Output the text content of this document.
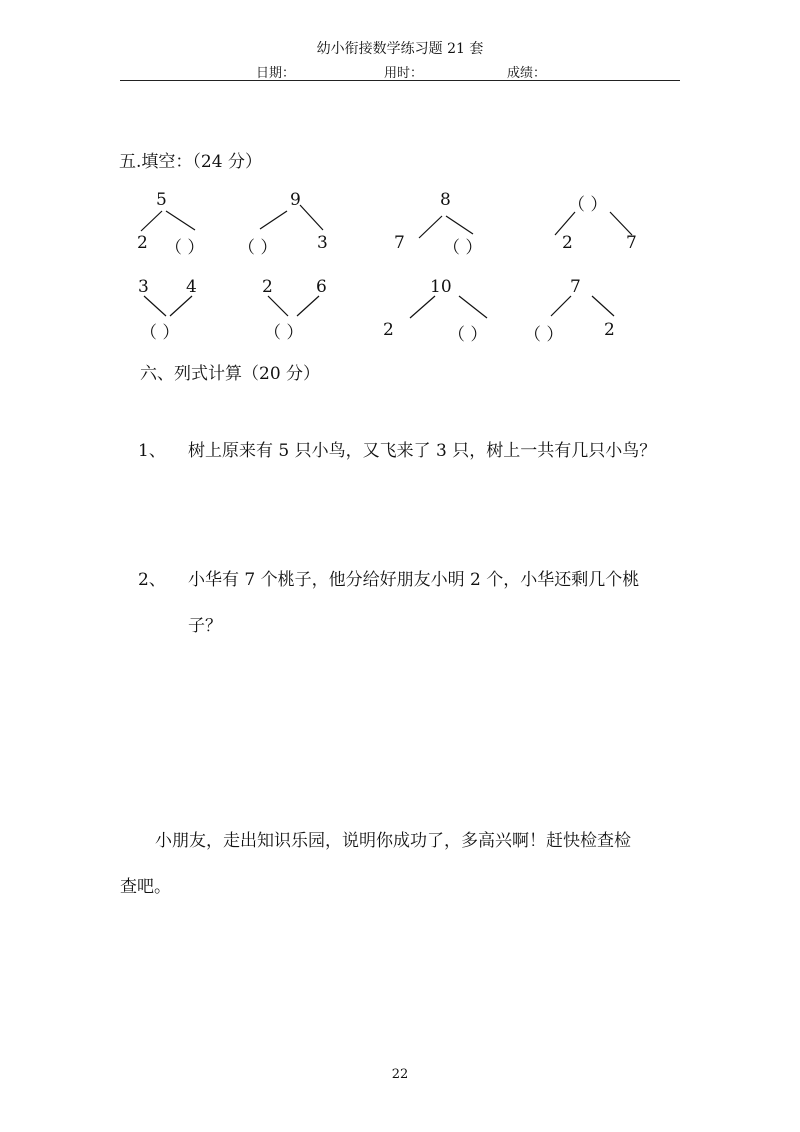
幼小衔接数学练习题 21 套
日期：	用时：	成绩：
五.填空：（24 分）
5
2 （ ）
9
（ ） 3
8
7 （ ）
（ ）
2	7
3 4
（ ）
2	6
（ ）
10
2	（ ）
7
（ ） 2
六、列式计算（20 分）
1、 树上原来有 5 只小鸟，又飞来了 3 只，树上一共有几只小鸟？
2、 小华有 7 个桃子，他分给好朋友小明 2 个，小华还剩几个桃
子？
小朋友，走出知识乐园，说明你成功了，多高兴啊！赶快检查检
查吧。
22
